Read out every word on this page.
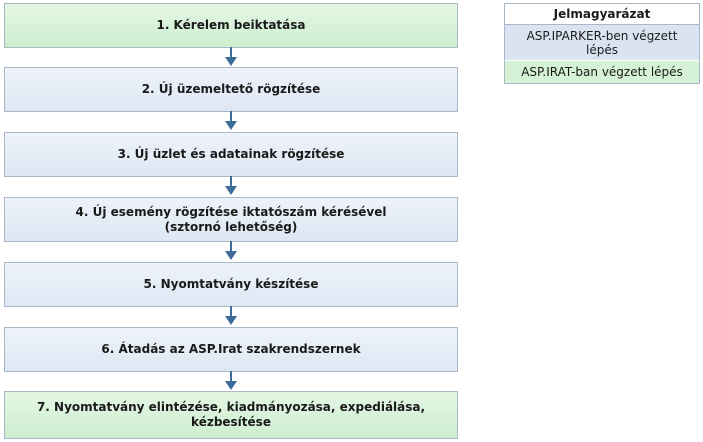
1. Kérelem beiktatása
2. Új üzemeltető rögzítése
3. Új üzlet és adatainak rögzítése
4. Új esemény rögzítése iktatószám kérésével
(sztornó lehetőség)
5. Nyomtatvány készítése
6. Átadás az ASP.Irat szakrendszernek
7. Nyomtatvány elintézése, kiadmányozása, expediálása,
kézbesítése
Jelmagyarázat
ASP.IPARKER-ben végzett lépés
ASP.IRAT-ban végzett lépés
